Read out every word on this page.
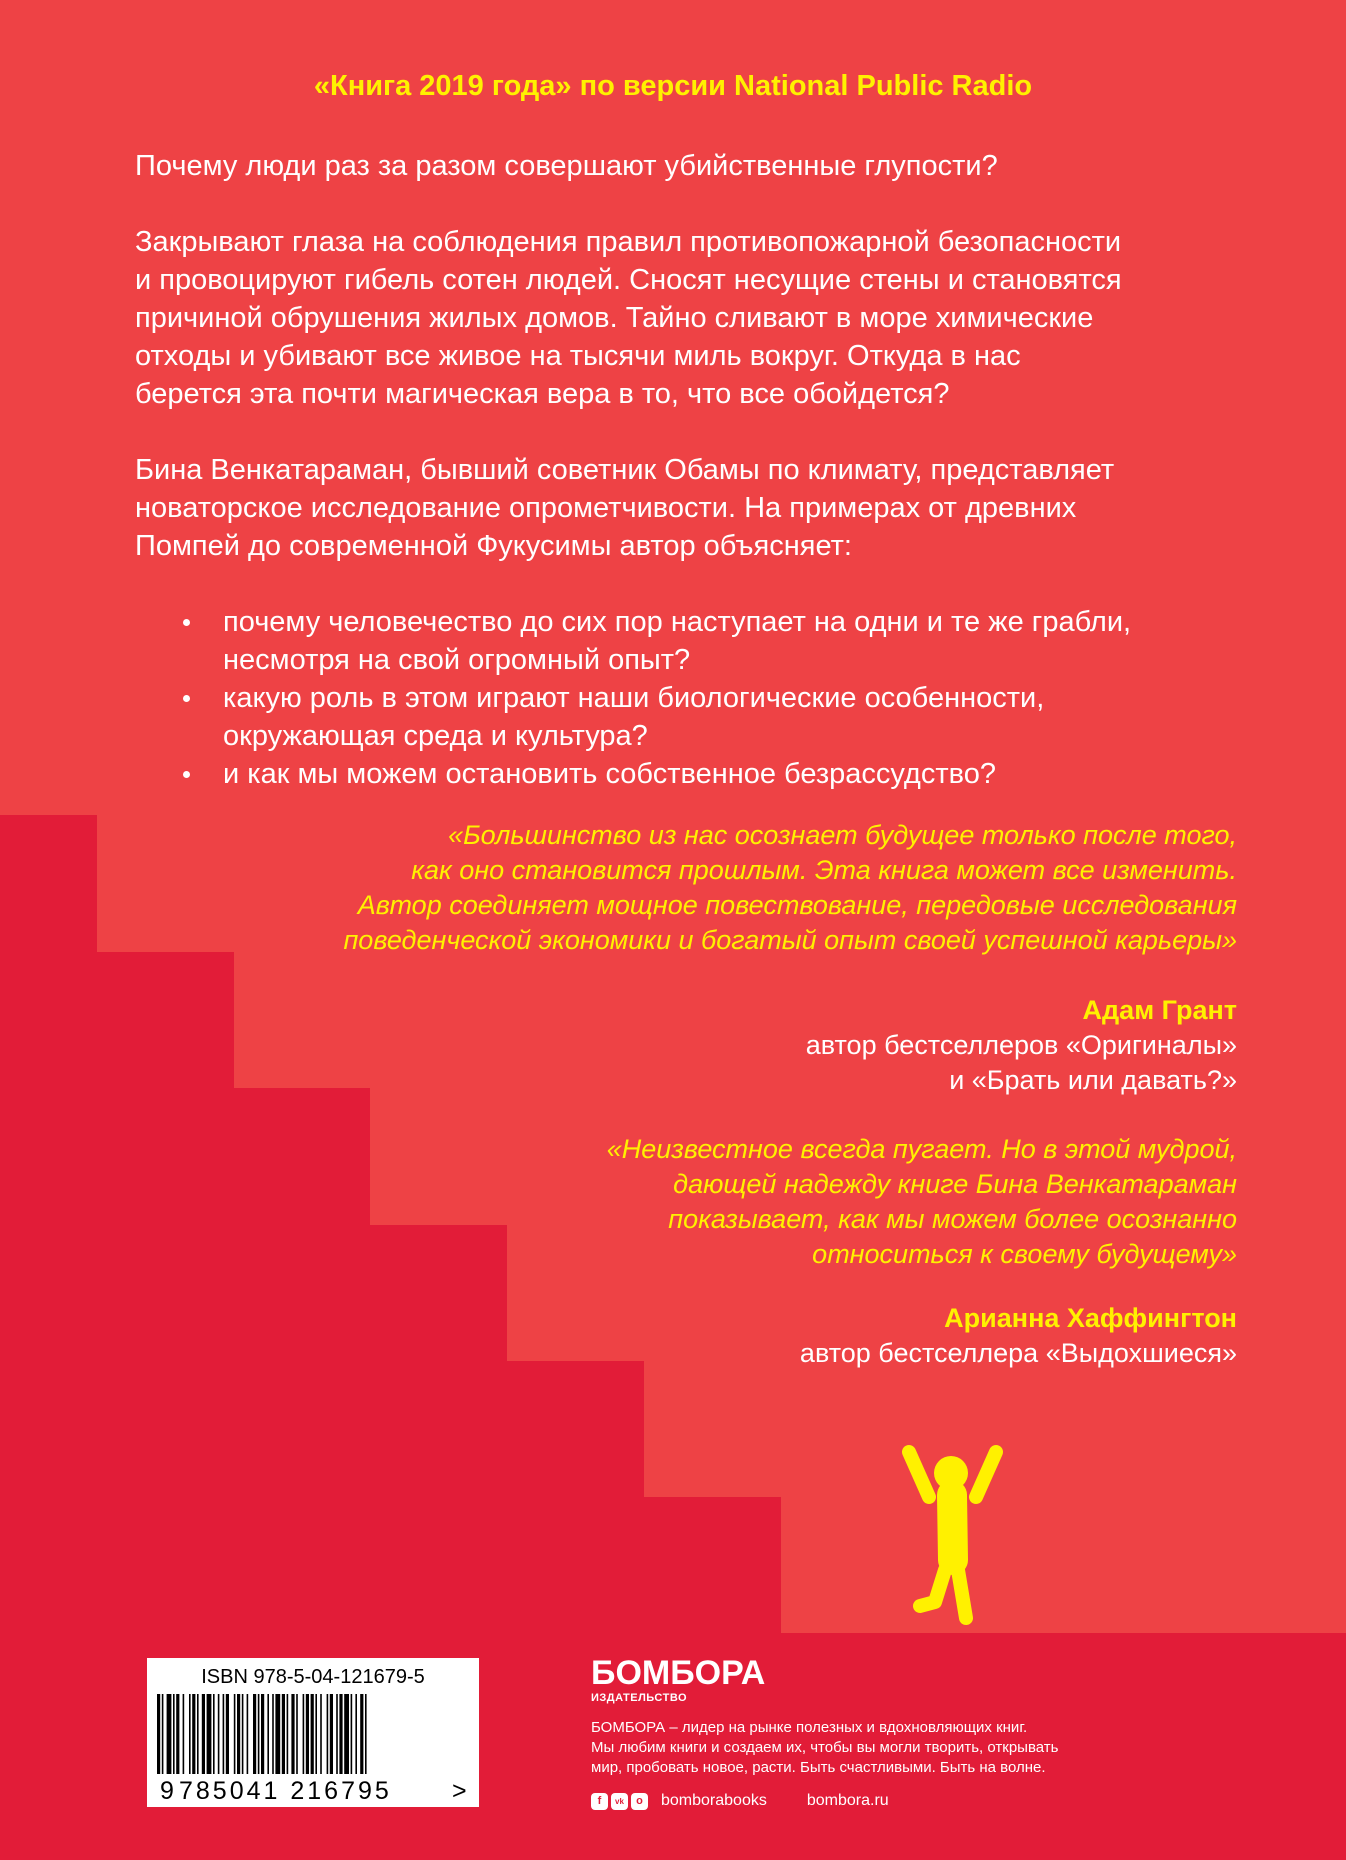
«Книга 2019 года» по версии National Public Radio

Почему люди раз за разом совершают убийственные глупости?

Закрывают глаза на соблюдения правил противопожарной безопасности
и провоцируют гибель сотен людей. Сносят несущие стены и становятся
причиной обрушения жилых домов. Тайно сливают в море химические
отходы и убивают все живое на тысячи миль вокруг. Откуда в нас
берется эта почти магическая вера в то, что все обойдется?

Бина Венкатараман, бывший советник Обамы по климату, представляет
новаторское исследование опрометчивости. На примерах от древних
Помпей до современной Фукусимы автор объясняет:

почему человечество до сих пор наступает на одни и те же грабли,
несмотря на свой огромный опыт?
какую роль в этом играют наши биологические особенности,
окружающая среда и культура?
и как мы можем остановить собственное безрассудство?
«Большинство из нас осознает будущее только после того,
как оно становится прошлым. Эта книга может все изменить.
Автор соединяет мощное повествование, передовые исследования
поведенческой экономики и богатый опыт своей успешной карьеры»
Адам Грант
автор бестселлеров «Оригиналы»
и «Брать или давать?»
«Неизвестное всегда пугает. Но в этой мудрой,
дающей надежду книге Бина Венкатараман
показывает, как мы можем более осознанно
относиться к своему будущему»
Арианна Хаффингтон
автор бестселлера «Выдохшиеся»
ISBN 978-5-04-121679-5
9 785041 216795 >
БОМБОРА
ИЗДАТЕЛЬСТВО
БОМБОРА – лидер на рынке полезных и вдохновляющих книг.
Мы любим книги и создаем их, чтобы вы могли творить, открывать
мир, пробовать новое, расти. Быть счастливыми. Быть на волне.
f	vk	o	bomborabooks	bombora.ru
